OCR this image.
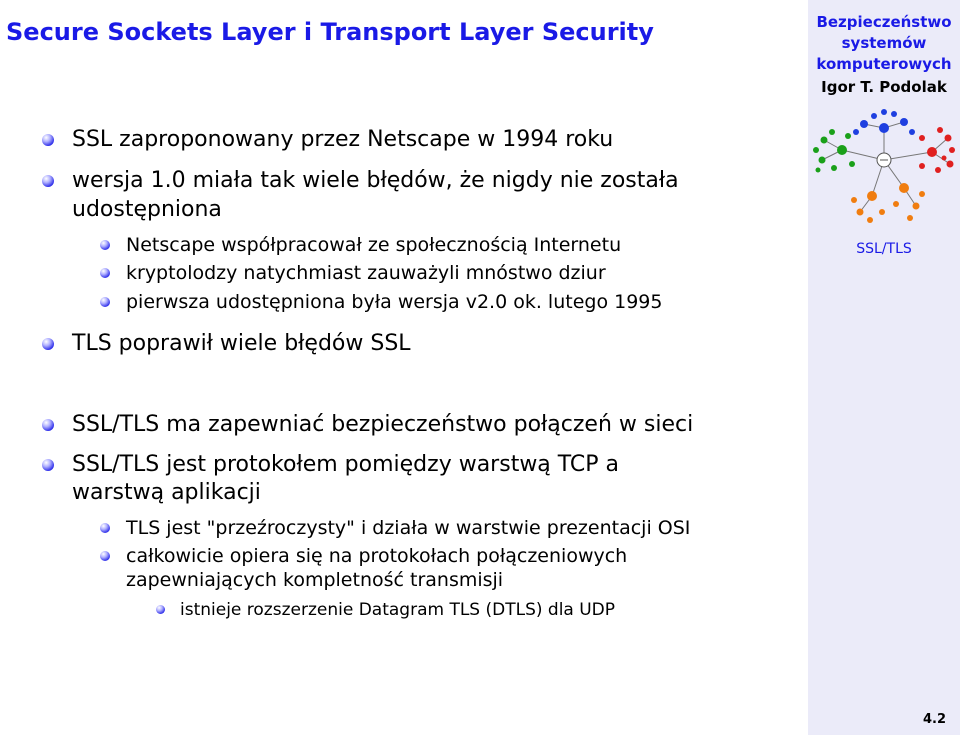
Secure Sockets Layer i Transport Layer Security	Bezpieczeństwo
systemów
komputerowych
Igor T. Podolak
SSL/TLS
4.2
SSL zaproponowany przez Netscape w 1994 roku
wersja 1.0 miała tak wiele błędów, że nigdy nie została
udostępniona
Netscape współpracował ze społecznością Internetu
kryptolodzy natychmiast zauważyli mnóstwo dziur
pierwsza udostępniona była wersja v2.0 ok. lutego 1995
TLS poprawił wiele błędów SSL
SSL/TLS ma zapewniać bezpieczeństwo połączeń w sieci
SSL/TLS jest protokołem pomiędzy warstwą TCP a
warstwą aplikacji
TLS jest "przeźroczysty" i działa w warstwie prezentacji OSI
całkowicie opiera się na protokołach połączeniowych
zapewniających kompletność transmisji
istnieje rozszerzenie Datagram TLS (DTLS) dla UDP
